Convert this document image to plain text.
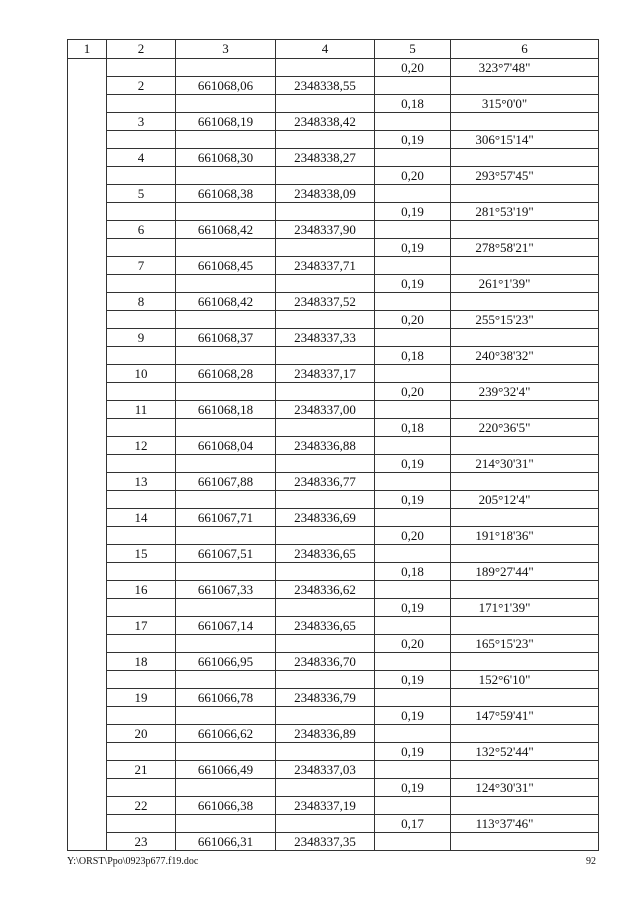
1	2	3	4	5	6
				0,20	323°7'48"
	2	661068,06	2348338,55		
				0,18	315°0'0"
	3	661068,19	2348338,42		
				0,19	306°15'14"
	4	661068,30	2348338,27		
				0,20	293°57'45"
	5	661068,38	2348338,09		
				0,19	281°53'19"
	6	661068,42	2348337,90		
				0,19	278°58'21"
	7	661068,45	2348337,71		
				0,19	261°1'39"
	8	661068,42	2348337,52		
				0,20	255°15'23"
	9	661068,37	2348337,33		
				0,18	240°38'32"
	10	661068,28	2348337,17		
				0,20	239°32'4"
	11	661068,18	2348337,00		
				0,18	220°36'5"
	12	661068,04	2348336,88		
				0,19	214°30'31"
	13	661067,88	2348336,77		
				0,19	205°12'4"
	14	661067,71	2348336,69		
				0,20	191°18'36"
	15	661067,51	2348336,65		
				0,18	189°27'44"
	16	661067,33	2348336,62		
				0,19	171°1'39"
	17	661067,14	2348336,65		
				0,20	165°15'23"
	18	661066,95	2348336,70		
				0,19	152°6'10"
	19	661066,78	2348336,79		
				0,19	147°59'41"
	20	661066,62	2348336,89		
				0,19	132°52'44"
	21	661066,49	2348337,03		
				0,19	124°30'31"
	22	661066,38	2348337,19		
				0,17	113°37'46"
	23	661066,31	2348337,35		
Y:\ORST\Ppo\0923p677.f19.doc	92
